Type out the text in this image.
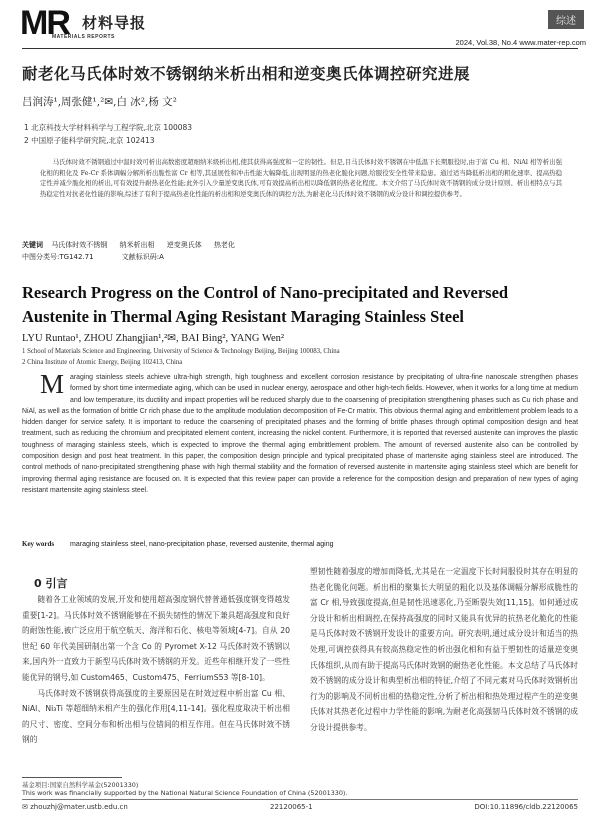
MR 材料导报
MATERIALS REPORTS
综述
2024, Vol.38, No.4 www.mater-rep.com
耐老化马氏体时效不锈钢纳米析出相和逆变奥氏体调控研究进展
吕润涛¹,周张健¹,²✉,白 冰²,杨 文²
1 北京科技大学材料科学与工程学院,北京 100083
2 中国原子能科学研究院,北京 102413
马氏体时效不锈钢通过中温时效可析出高数密度超细纳米级析出相,使其获得高强度和一定的韧性。但是,目马氏体时效不锈钢在中低温下长期服役时,由于富 Cu 相、NiAl 相等析出强化相的粗化及 Fe-Cr 系体调幅分解所析出脆性富 Cr 相等,其延展性和冲击性能大幅降低,出现明显的热老化脆化问题,给服役安全性带来隐患。通过适当降低析出相的粗化速率、提高热稳定性并减少脆化相的析出,可有效提升耐热老化性能;此外引入少量逆变奥氏体,可有效提高析出相以降低钢的热老化程度。本文介绍了马氏体时效不锈钢的成分设计原则、析出相特点与其热稳定性对抗老化性能的影响,综述了有利于提高热老化性能的析出相和逆变奥氏体的调控方法,为耐老化马氏体时效不锈钢的成分设计和调控提供参考。
关键词 马氏体时效不锈钢 纳米析出相 逆变奥氏体 热老化
中图分类号:TG142.71	文献标识码:A
Research Progress on the Control of Nano-precipitated and Reversed Austenite in Thermal Aging Resistant Maraging Stainless Steel
LYU Runtao¹, ZHOU Zhangjian¹,²✉, BAI Bing², YANG Wen²
1 School of Materials Science and Engineering, University of Science & Technology Beijing, Beijing 100083, China
2 China Institute of Atomic Energy, Beijing 102413, China
Maraging stainless steels achieve ultra-high strength, high toughness and excellent corrosion resistance by precipitating of ultra-fine nanoscale strengthen phases formed by short time intermediate aging, which can be used in nuclear energy, aerospace and other high-tech fields. However, when it works for a long time at medium and low temperature, its ductility and impact properties will be reduced sharply due to the coarsening of precipitation strengthening phases such as Cu rich phase and NiAl, as well as the formation of brittle Cr rich phase due to the amplitude modulation decomposition of Fe-Cr matrix. This obvious thermal aging and embrittlement problem leads to a hidden danger for service safety. It is important to reduce the coarsening of precipitated phases and the forming of brittle phases through optimal composition design and heat treatment, such as reducing the chromium and precipitated element content, increasing the nickel content. Furthermore, it is reported that reversed austenite can improves the plastic toughness of maraging stainless steels, which is expected to improve the thermal aging embrittlement problem. The amount of reversed austenite also can be controlled by composition design and post heat treatment. In this paper, the composition design principle and typical precipitated phase of martensite aging stainless steel are introduced. The control methods of nano-precipitated strengthening phase with high thermal stability and the formation of reversed austenite in martensite aging stainless steel which are benefit for improving thermal aging resistance are focused on. It is expected that this review paper can provide a reference for the composition design and preparation of new types of aging resistant martensite aging stainless steel.
Key words maraging stainless steel, nano-precipitation phase, reversed austenite, thermal aging
0 引言

随着各工业领域的发展,开发和使用超高强度钢代替普通低强度钢变得越发重要[1-2]。马氏体时效不锈钢能够在不损失韧性的情况下兼具超高强度和良好的耐蚀性能,被广泛应用于航空航天、海洋和石化、核电等领域[4-7]。自从 20 世纪 60 年代美国研制出第一个含 Co 的 Pyromet X-12 马氏体时效不锈钢以来,国内外一直致力于新型马氏体时效不锈钢的开发。近些年相继开发了一些性能优异的钢号,如 Custom465、Custom475、FerriumS53 等[8-10]。

马氏体时效不锈钢获得高强度的主要原因是在时效过程中析出富 Cu 相、NiAl、Ni₃Ti 等超细纳米相产生的强化作用[4,11-14]。强化程度取决于析出相的尺寸、密度、空间分布和析出相与位错间的相互作用。但在马氏体时效不锈钢的

塑韧性随着强度的增加而降低,尤其是在一定温度下长时间服役时其存在明显的热老化脆化问题。析出相的聚集长大明显的粗化以及基体调幅分解形成脆性的富 Cr 相,导致强度提高,但是韧性迅速恶化,乃至断裂失效[11,15]。如何通过成分设计和析出相调控,在保持高强度的同时又能具有优异的抗热老化脆化的性能是马氏体时效不锈钢开发设计的重要方向。研究表明,通过成分设计和适当的热处理,可调控获得具有较高热稳定性的析出强化相和有益于塑韧性的适量逆变奥氏体组织,从而有助于提高马氏体时效钢的耐热老化性能。本文总结了马氏体时效不锈钢的成分设计和典型析出相的特征,介绍了不同元素对马氏体时效钢析出行为的影响及不同析出相的热稳定性,分析了析出相和热处理过程产生的逆变奥氏体对其热老化过程中力学性能的影响,为耐老化高强韧马氏体时效不锈钢的成分设计提供参考。

基金项目:国家自然科学基金(52001330)
This work was financially supported by the National Natural Science Foundation of China (52001330).
✉ zhouzhj@mater.ustb.edu.cn	22120065-1	DOI:10.11896/cldb.22120065
